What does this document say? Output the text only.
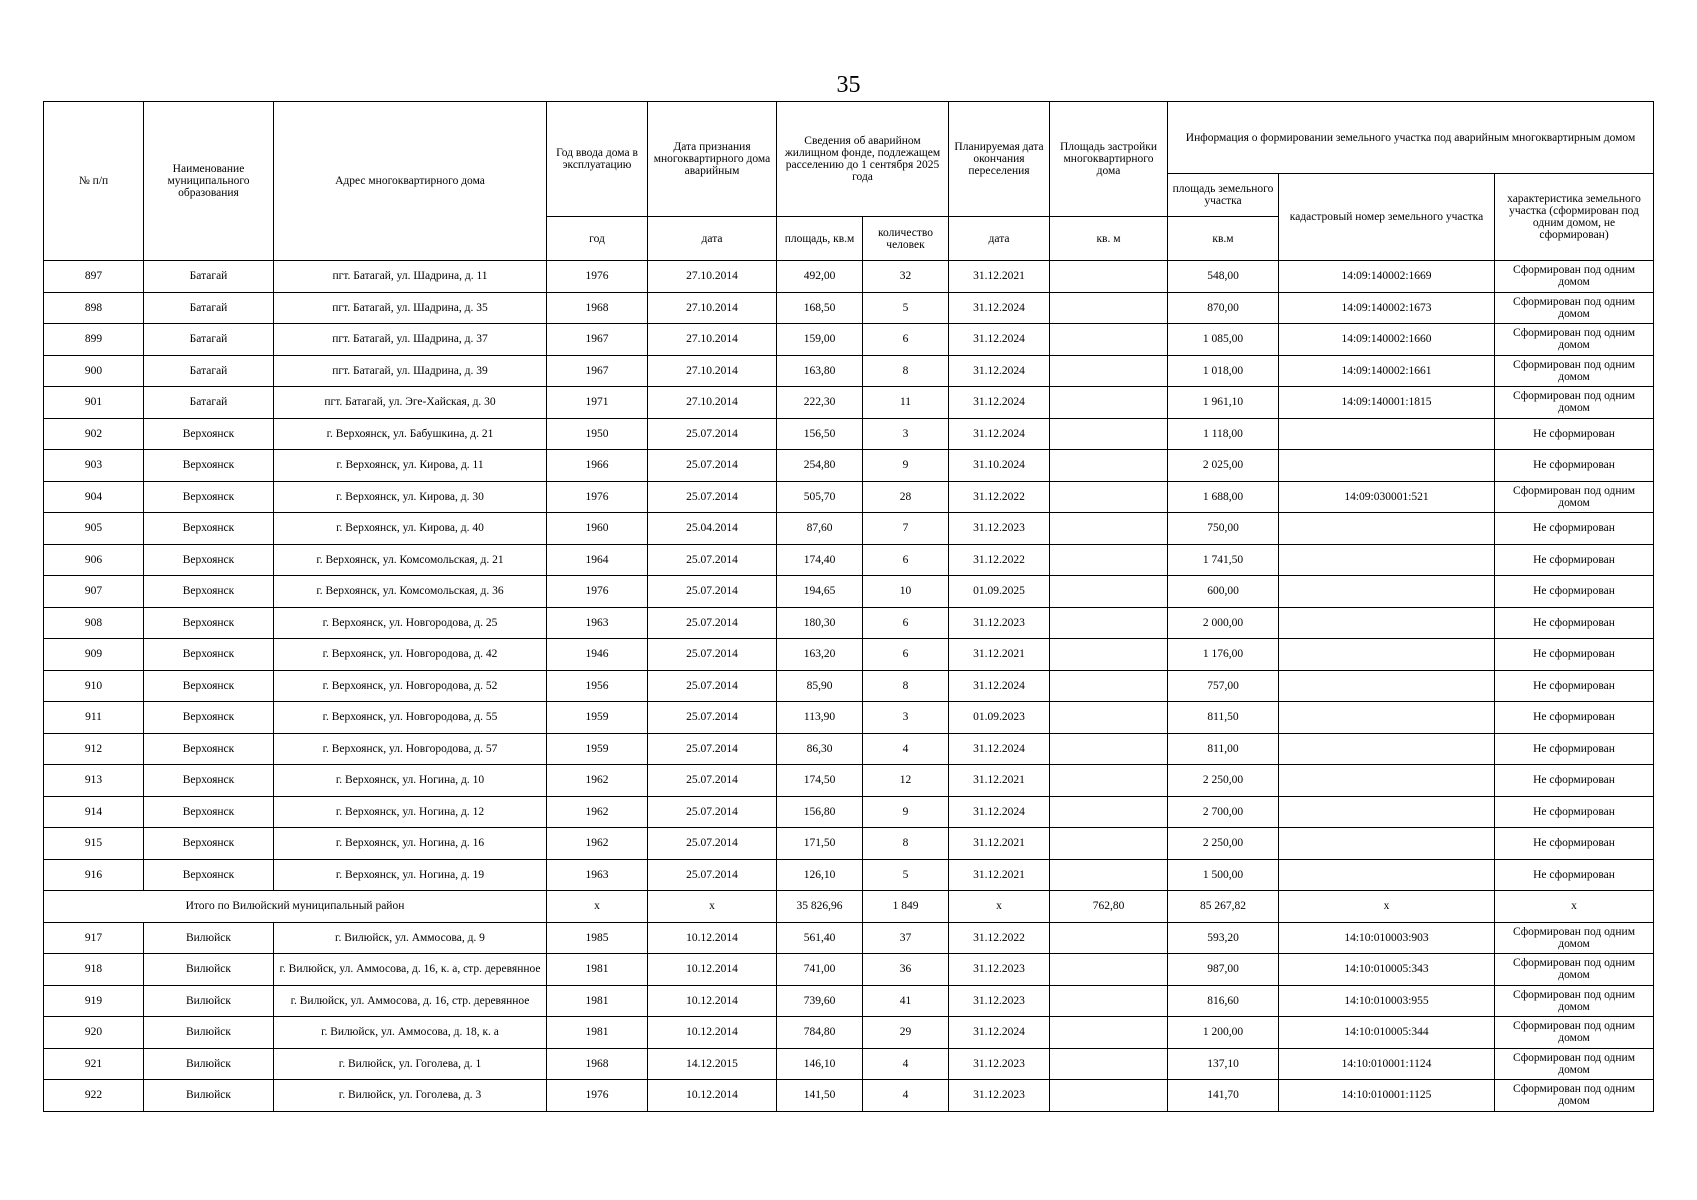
35
№ п/п	Наименование муниципального образования	Адрес многоквартирного дома	Год ввода дома в эксплуатацию	Дата признания многоквартирного дома аварийным	Сведения об аварийном жилищном фонде, подлежащем расселению до 1 сентября 2025 года		Планируемая дата окончания переселения	Площадь застройки многоквартирного дома	Информация о формировании земельного участка под аварийным многоквартирным домом		
									площадь земельного участка	кадастровый номер земельного участка	характеристика земельного участка (сформирован под одним домом, не сформирован)
			год	дата	площадь, кв.м	количество человек	дата	кв. м	кв.м		
897	Батагай	пгт. Батагай, ул. Шадрина, д. 11	1976	27.10.2014	492,00	32	31.12.2021		548,00	14:09:140002:1669	Сформирован под одним домом
898	Батагай	пгт. Батагай, ул. Шадрина, д. 35	1968	27.10.2014	168,50	5	31.12.2024		870,00	14:09:140002:1673	Сформирован под одним домом
899	Батагай	пгт. Батагай, ул. Шадрина, д. 37	1967	27.10.2014	159,00	6	31.12.2024		1 085,00	14:09:140002:1660	Сформирован под одним домом
900	Батагай	пгт. Батагай, ул. Шадрина, д. 39	1967	27.10.2014	163,80	8	31.12.2024		1 018,00	14:09:140002:1661	Сформирован под одним домом
901	Батагай	пгт. Батагай, ул. Эге-Хайская, д. 30	1971	27.10.2014	222,30	11	31.12.2024		1 961,10	14:09:140001:1815	Сформирован под одним домом
902	Верхоянск	г. Верхоянск, ул. Бабушкина, д. 21	1950	25.07.2014	156,50	3	31.12.2024		1 118,00		Не сформирован
903	Верхоянск	г. Верхоянск, ул. Кирова, д. 11	1966	25.07.2014	254,80	9	31.10.2024		2 025,00		Не сформирован
904	Верхоянск	г. Верхоянск, ул. Кирова, д. 30	1976	25.07.2014	505,70	28	31.12.2022		1 688,00	14:09:030001:521	Сформирован под одним домом
905	Верхоянск	г. Верхоянск, ул. Кирова, д. 40	1960	25.04.2014	87,60	7	31.12.2023		750,00		Не сформирован
906	Верхоянск	г. Верхоянск, ул. Комсомольская, д. 21	1964	25.07.2014	174,40	6	31.12.2022		1 741,50		Не сформирован
907	Верхоянск	г. Верхоянск, ул. Комсомольская, д. 36	1976	25.07.2014	194,65	10	01.09.2025		600,00		Не сформирован
908	Верхоянск	г. Верхоянск, ул. Новгородова, д. 25	1963	25.07.2014	180,30	6	31.12.2023		2 000,00		Не сформирован
909	Верхоянск	г. Верхоянск, ул. Новгородова, д. 42	1946	25.07.2014	163,20	6	31.12.2021		1 176,00		Не сформирован
910	Верхоянск	г. Верхоянск, ул. Новгородова, д. 52	1956	25.07.2014	85,90	8	31.12.2024		757,00		Не сформирован
911	Верхоянск	г. Верхоянск, ул. Новгородова, д. 55	1959	25.07.2014	113,90	3	01.09.2023		811,50		Не сформирован
912	Верхоянск	г. Верхоянск, ул. Новгородова, д. 57	1959	25.07.2014	86,30	4	31.12.2024		811,00		Не сформирован
913	Верхоянск	г. Верхоянск, ул. Ногина, д. 10	1962	25.07.2014	174,50	12	31.12.2021		2 250,00		Не сформирован
914	Верхоянск	г. Верхоянск, ул. Ногина, д. 12	1962	25.07.2014	156,80	9	31.12.2024		2 700,00		Не сформирован
915	Верхоянск	г. Верхоянск, ул. Ногина, д. 16	1962	25.07.2014	171,50	8	31.12.2021		2 250,00		Не сформирован
916	Верхоянск	г. Верхоянск, ул. Ногина, д. 19	1963	25.07.2014	126,10	5	31.12.2021		1 500,00		Не сформирован
Итого по Вилюйский муниципальный район			x	x	35 826,96	1 849	x	762,80	85 267,82	x	x
917	Вилюйск	г. Вилюйск, ул. Аммосова, д. 9	1985	10.12.2014	561,40	37	31.12.2022		593,20	14:10:010003:903	Сформирован под одним домом
918	Вилюйск	г. Вилюйск, ул. Аммосова, д. 16, к. а, стр. деревянное	1981	10.12.2014	741,00	36	31.12.2023		987,00	14:10:010005:343	Сформирован под одним домом
919	Вилюйск	г. Вилюйск, ул. Аммосова, д. 16, стр. деревянное	1981	10.12.2014	739,60	41	31.12.2023		816,60	14:10:010003:955	Сформирован под одним домом
920	Вилюйск	г. Вилюйск, ул. Аммосова, д. 18, к. а	1981	10.12.2014	784,80	29	31.12.2024		1 200,00	14:10:010005:344	Сформирован под одним домом
921	Вилюйск	г. Вилюйск, ул. Гоголева, д. 1	1968	14.12.2015	146,10	4	31.12.2023		137,10	14:10:010001:1124	Сформирован под одним домом
922	Вилюйск	г. Вилюйск, ул. Гоголева, д. 3	1976	10.12.2014	141,50	4	31.12.2023		141,70	14:10:010001:1125	Сформирован под одним домом
